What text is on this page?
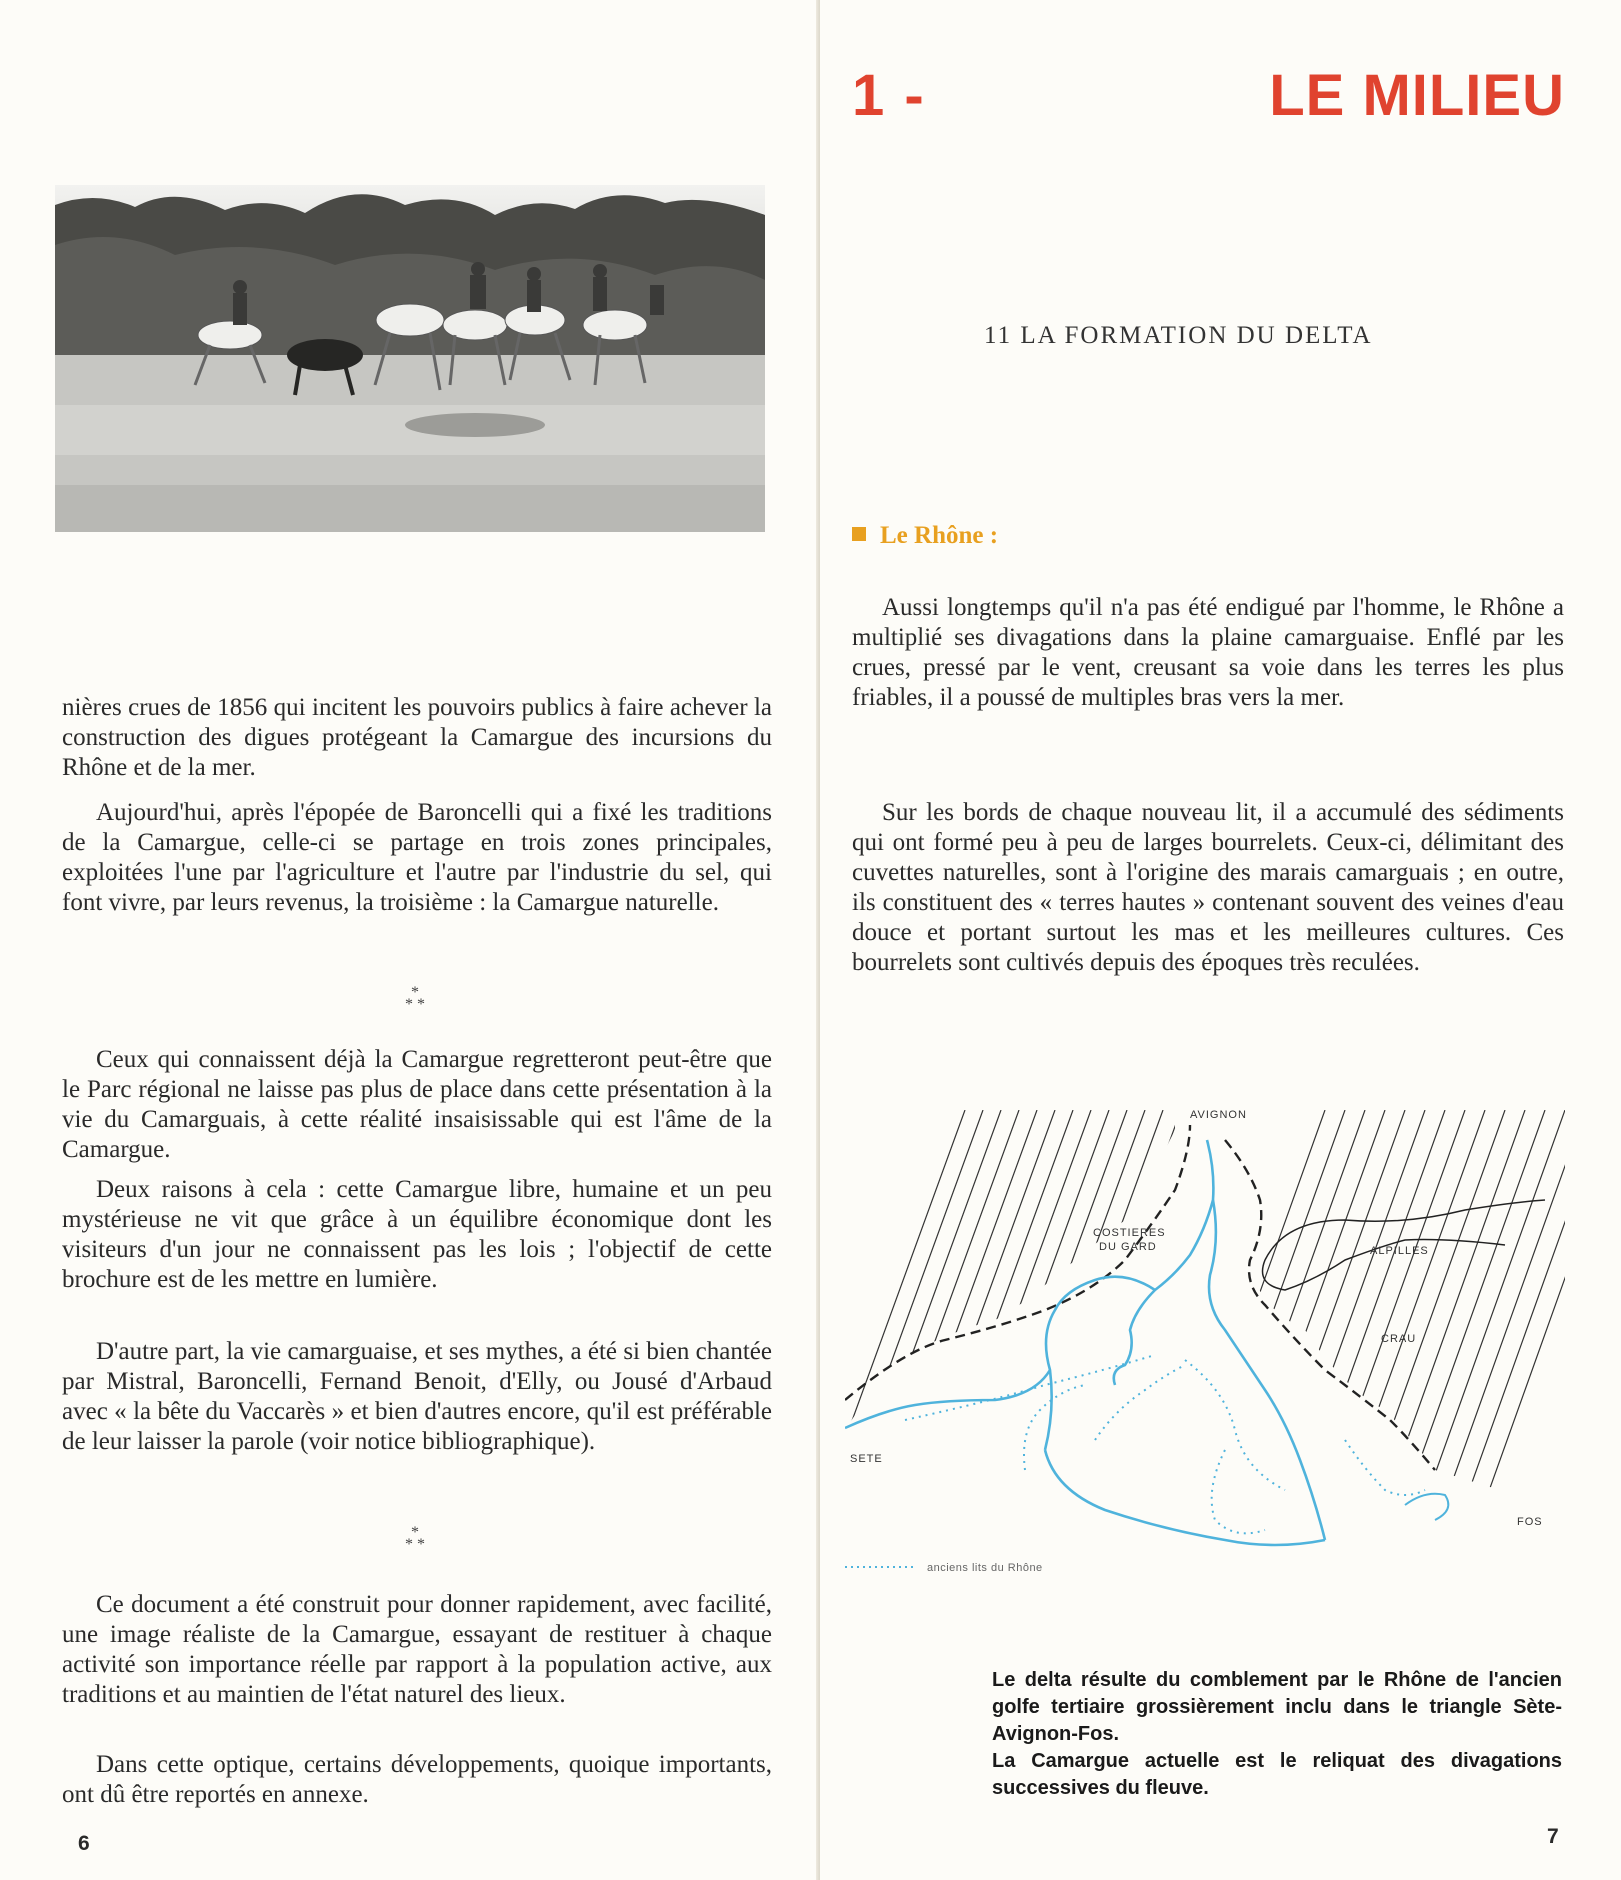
nières crues de 1856 qui incitent les pouvoirs publics à faire achever la construction des digues protégeant la Camargue des incursions du Rhône et de la mer.

Aujourd'hui, après l'épopée de Baroncelli qui a fixé les traditions de la Camargue, celle-ci se partage en trois zones principales, exploitées l'une par l'agriculture et l'autre par l'industrie du sel, qui font vivre, par leurs revenus, la troisième : la Camargue naturelle.

*
* *

Ceux qui connaissent déjà la Camargue regretteront peut-être que le Parc régional ne laisse pas plus de place dans cette présentation à la vie du Camarguais, à cette réalité insaisissable qui est l'âme de la Camargue.

Deux raisons à cela : cette Camargue libre, humaine et un peu mystérieuse ne vit que grâce à un équilibre économique dont les visiteurs d'un jour ne connaissent pas les lois ; l'objectif de cette brochure est de les mettre en lumière.

D'autre part, la vie camarguaise, et ses mythes, a été si bien chantée par Mistral, Baroncelli, Fernand Benoit, d'Elly, ou Jousé d'Arbaud avec « la bête du Vaccarès » et bien d'autres encore, qu'il est préférable de leur laisser la parole (voir notice bibliographique).

*
* *

Ce document a été construit pour donner rapidement, avec facilité, une image réaliste de la Camargue, essayant de restituer à chaque activité son importance réelle par rapport à la population active, aux traditions et au maintien de l'état naturel des lieux.

Dans cette optique, certains développements, quoique importants, ont dû être reportés en annexe.

6
1 -	LE MILIEU
11 LA FORMATION DU DELTA
Le Rhône :

Aussi longtemps qu'il n'a pas été endigué par l'homme, le Rhône a multiplié ses divagations dans la plaine camarguaise. Enflé par les crues, pressé par le vent, creusant sa voie dans les terres les plus friables, il a poussé de multiples bras vers la mer.

Sur les bords de chaque nouveau lit, il a accumulé des sédiments qui ont formé peu à peu de larges bourrelets. Ceux-ci, délimitant des cuvettes naturelles, sont à l'origine des marais camarguais ; en outre, ils constituent des « terres hautes » contenant souvent des veines d'eau douce et portant surtout les mas et les meilleures cultures. Ces bourrelets sont cultivés depuis des époques très reculées.

AVIGNON
COSTIERES
DU GARD	ALPILLES
CRAU
SETE
FOS
anciens lits du Rhône
Le delta résulte du comblement par le Rhône de l'ancien golfe tertiaire grossièrement inclu dans le triangle Sète-Avignon-Fos.
La Camargue actuelle est le reliquat des divagations successives du fleuve.
7
